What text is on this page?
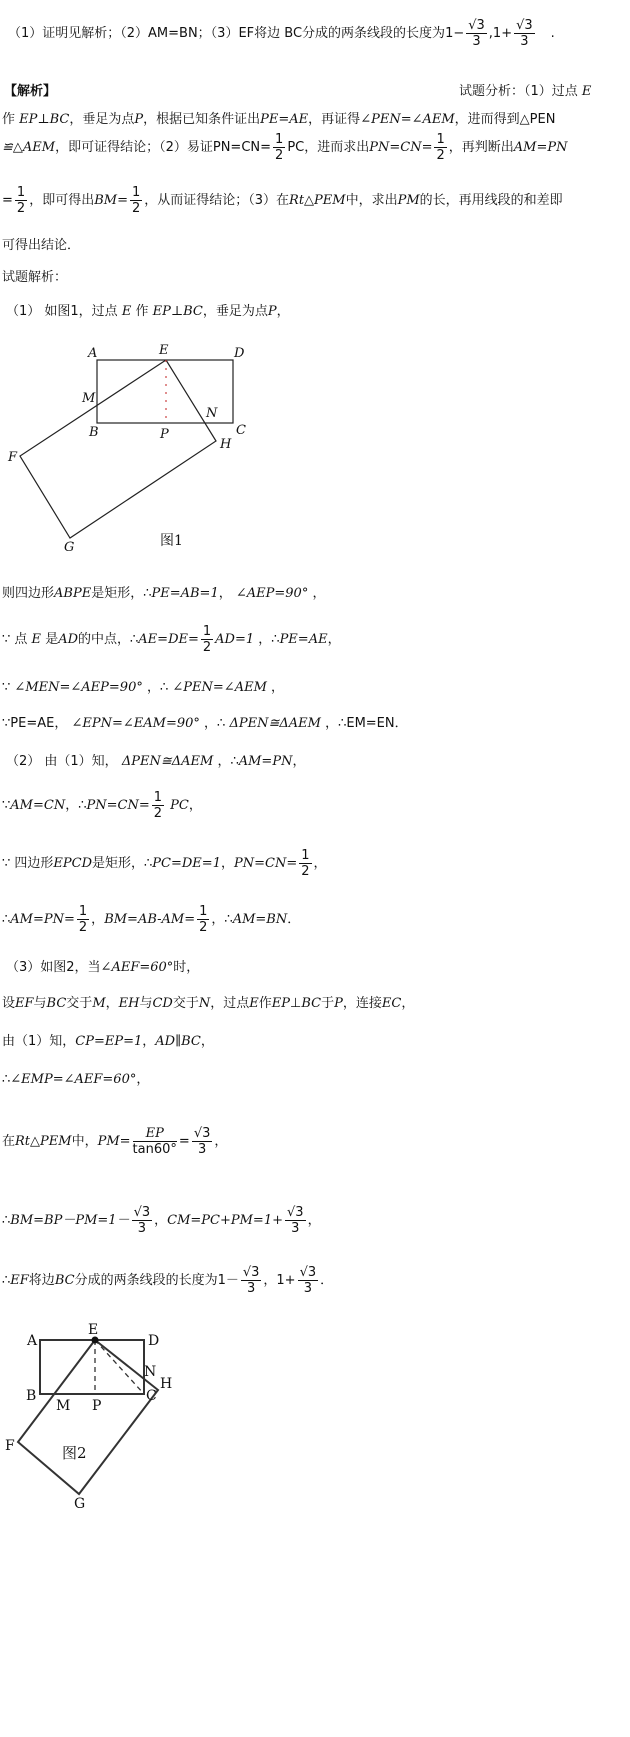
（1）证明见解析；（2）AM=BN；（3）EF将边 BC分成的两条线段的长度为$1- \frac{√3}{3} ,1+ \frac{√3}{3}$ .
【解析】	试题分析：（1）过点 E
作 EP⊥BC，垂足为点P，根据已知条件证出PE=AE，再证得∠PEN=∠AEM，进而得到△PEN
≌△AEM，即可证得结论；（2）易证$PN=CN= \frac{1}{2}$ PC，进而求出$PN=CN= \frac{1}{2}$ ，再判断出AM=PN
= $\frac{1}{2}$ ，即可得出$BM= \frac{1}{2}$ ，从而证得结论；（3）在Rt△PEM中，求出PM的长，再用线段的和差即
可得出结论．
试题解析：
（1） 如图1，过点 E 作 EP⊥BC，垂足为点P，
A	E	D
M
N
B	P	C
F
H
G	图1
则四边形ABPE是矩形，∴PE=AB=1， ∠AEP=90° ，
∵ 点 E 是AD的中点，∴AE=DE= $\frac{1}{2} AD=1$ ，∴PE=AE，
∵ ∠MEN=∠AEP=90° ，∴ ∠PEN=∠AEM ，
∵PE=AE， ∠EPN=∠EAM=90° ，∴ ΔPEN≅ΔAEM ，∴EM=EN．
（2） 由（1）知， ΔPEN≅ΔAEM ，∴AM=PN，
∵AM=CN，∴PN=CN= $\frac{1}{2}$ PC，
∵ 四边形EPCD是矩形，∴PC=DE=1，$PN=CN= \frac{1}{2}$ ，
∴AM=PN= $\frac{1}{2}$ ，$BM=AB-AM= \frac{1}{2}$ ，∴AM=BN．
（3）如图2，当∠AEF=60°时，
设EF与BC交于M，EH与CD交于N，过点E作EP⊥BC于P，连接EC，
由（1）知，CP=EP=1，AD∥BC，
∴∠EMP=∠AEF=60°，
在Rt△PEM中，$PM= \frac{EP}{\tan 60^\circ} = \frac{√3}{3}$ ，
∴BM=BP－PM=1－ $\frac{√3}{3}$ ，$CM=PC+PM=1+ \frac{√3}{3}$ ，
∴EF将边BC分成的两条线段的长度为$1- \frac{√3}{3}$ ，$1+ \frac{√3}{3}$ ．
A
E
D
B
M P
C
N
H
F
G
图2
